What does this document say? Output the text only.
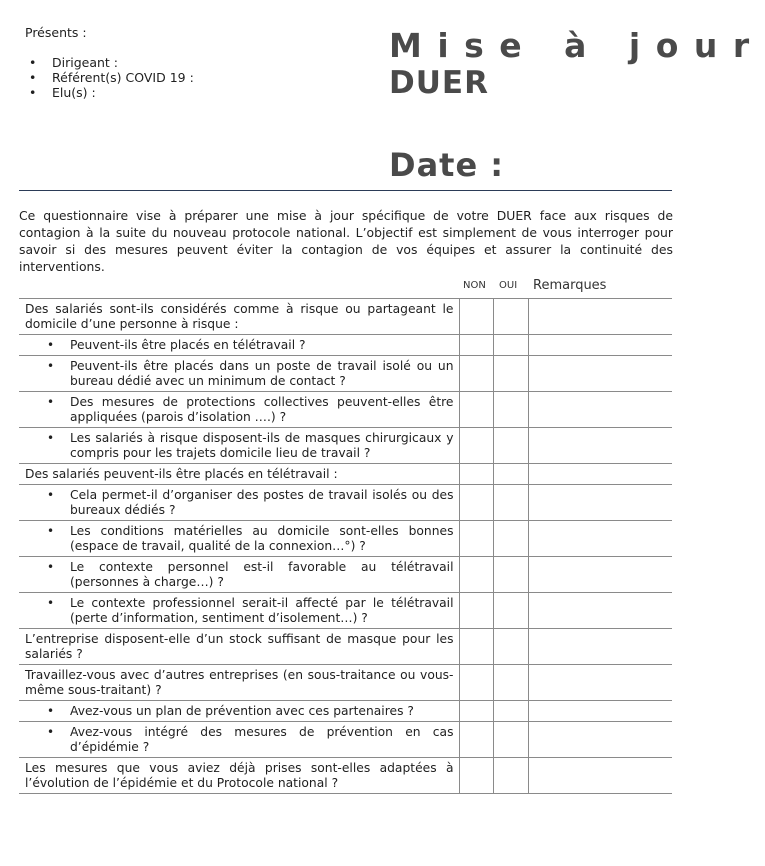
Présents :
• Dirigeant :
• Référent(s) COVID 19 :
• Elu(s) :
Mise à jour
DUER
Date :
Ce questionnaire vise à préparer une mise à jour spécifique de votre DUER face aux risques de contagion à la suite du nouveau protocole national. L’objectif est simplement de vous interroger pour savoir si des mesures peuvent éviter la contagion de vos équipes et assurer la continuité des interventions.
NON OUI Remarques
Des salariés sont-ils considérés comme à risque ou partageant le domicile d’une personne à risque :			
• Peuvent-ils être placés en télétravail ?			
• Peuvent-ils être placés dans un poste de travail isolé ou un bureau dédié avec un minimum de contact ?			
• Des mesures de protections collectives peuvent-elles être appliquées (parois d’isolation ….) ?			
• Les salariés à risque disposent-ils de masques chirurgicaux y compris pour les trajets domicile lieu de travail ?			
Des salariés peuvent-ils être placés en télétravail :			
• Cela permet-il d’organiser des postes de travail isolés ou des bureaux dédiés ?			
• Les conditions matérielles au domicile sont-elles bonnes (espace de travail, qualité de la connexion…°) ?			
• Le contexte personnel est-il favorable au télétravail (personnes à charge…) ?			
• Le contexte professionnel serait-il affecté par le télétravail (perte d’information, sentiment d’isolement…) ?			
L’entreprise disposent-elle d’un stock suffisant de masque pour les salariés ?			
Travaillez-vous avec d’autres entreprises (en sous-traitance ou vous-même sous-traitant) ?			
• Avez-vous un plan de prévention avec ces partenaires ?			
• Avez-vous intégré des mesures de prévention en cas d’épidémie ?			
Les mesures que vous aviez déjà prises sont-elles adaptées à l’évolution de l’épidémie et du Protocole national ?			
